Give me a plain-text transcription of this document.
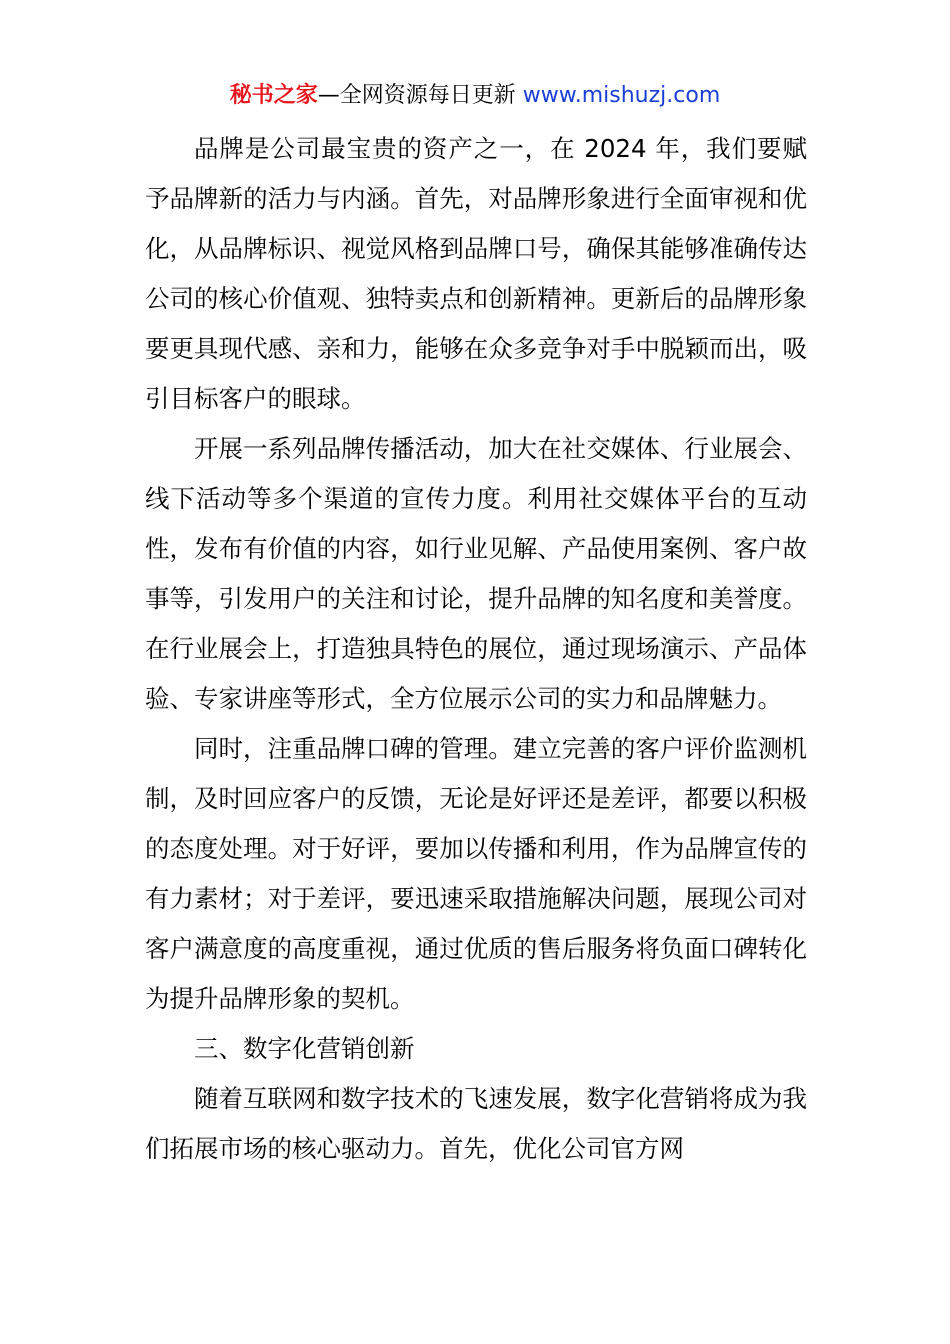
秘书之家—全网资源每日更新 www.mishuzj.com

品牌是公司最宝贵的资产之一，在 2024 年，我们要赋予品牌新的活力与内涵。首先，对品牌形象进行全面审视和优化，从品牌标识、视觉风格到品牌口号，确保其能够准确传达公司的核心价值观、独特卖点和创新精神。更新后的品牌形象要更具现代感、亲和力，能够在众多竞争对手中脱颖而出，吸引目标客户的眼球。

开展一系列品牌传播活动，加大在社交媒体、行业展会、线下活动等多个渠道的宣传力度。利用社交媒体平台的互动性，发布有价值的内容，如行业见解、产品使用案例、客户故事等，引发用户的关注和讨论，提升品牌的知名度和美誉度。在行业展会上，打造独具特色的展位，通过现场演示、产品体验、专家讲座等形式，全方位展示公司的实力和品牌魅力。

同时，注重品牌口碑的管理。建立完善的客户评价监测机制，及时回应客户的反馈，无论是好评还是差评，都要以积极的态度处理。对于好评，要加以传播和利用，作为品牌宣传的有力素材；对于差评，要迅速采取措施解决问题，展现公司对客户满意度的高度重视，通过优质的售后服务将负面口碑转化为提升品牌形象的契机。

三、数字化营销创新

随着互联网和数字技术的飞速发展，数字化营销将成为我们拓展市场的核心驱动力。首先，优化公司官方网
